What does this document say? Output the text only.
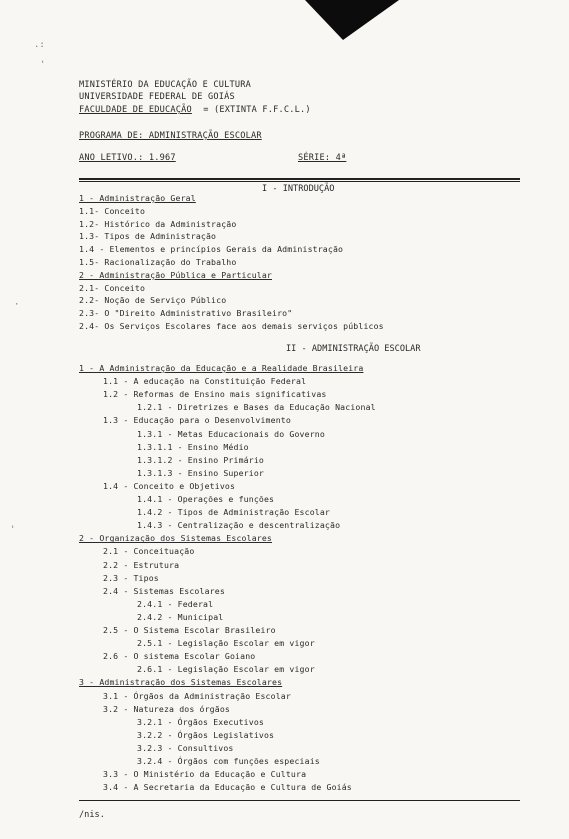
.:
'
·
'
MINISTÉRIO DA EDUCAÇÃO E CULTURA
UNIVERSIDADE FEDERAL DE GOIÁS
FACULDADE DE EDUCAÇÃO = (EXTINTA F.F.C.L.)
PROGRAMA DE: ADMINISTRAÇÃO ESCOLAR
ANO LETIVO.: 1.967	SÉRIE: 4ª
I - INTRODUÇÃO
II - ADMINISTRAÇÃO ESCOLAR
1 - Administração Geral
1.1- Conceito
1.2- Histórico da Administração
1.3- Tipos de Administração
1.4 - Elementos e princípios Gerais da Administração
1.5- Racionalização do Trabalho
2 - Administração Pública e Particular
2.1- Conceito
2.2- Noção de Serviço Público
2.3- O "Direito Administrativo Brasileiro"
2.4- Os Serviços Escolares face aos demais serviços públicos
1 - A Administração da Educação e a Realidade Brasileira
1.1 - A educação na Constituição Federal
1.2 - Reformas de Ensino mais significativas
1.2.1 - Diretrizes e Bases da Educação Nacional
1.3 - Educação para o Desenvolvimento
1.3.1 - Metas Educacionais do Governo
1.3.1.1 - Ensino Médio
1.3.1.2 - Ensino Primário
1.3.1.3 - Ensino Superior
1.4 - Conceito e Objetivos
1.4.1 - Operações e funções
1.4.2 - Tipos de Administração Escolar
1.4.3 - Centralização e descentralização
2 - Organização dos Sistemas Escolares
2.1 - Conceituação
2.2 - Estrutura
2.3 - Tipos
2.4 - Sistemas Escolares
2.4.1 - Federal
2.4.2 - Municipal
2.5 - O Sistema Escolar Brasileiro
2.5.1 - Legislação Escolar em vigor
2.6 - O sistema Escolar Goiano
2.6.1 - Legislação Escolar em vigor
3 - Administração dos Sistemas Escolares
3.1 - Órgãos da Administração Escolar
3.2 - Natureza dos órgãos
3.2.1 - Órgãos Executivos
3.2.2 - Órgãos Legislativos
3.2.3 - Consultivos
3.2.4 - Órgãos com funções especiais
3.3 - O Ministério da Educação e Cultura
3.4 - A Secretaria da Educação e Cultura de Goiás
/nis.
